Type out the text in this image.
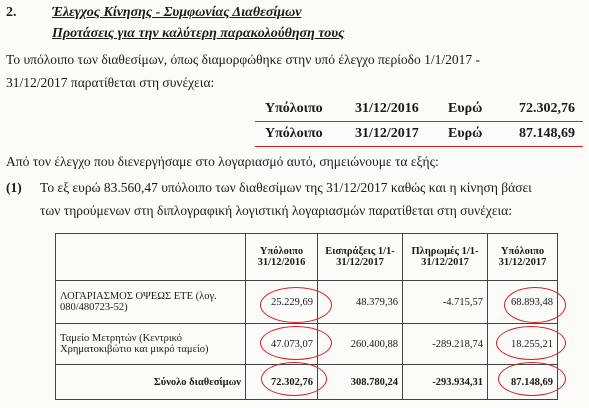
2.	Έλεγχος Κίνησης - Συμφωνίας Διαθεσίμων
Προτάσεις για την καλύτερη παρακολούθηση τους
Το υπόλοιπο των διαθεσίμων, όπως διαμορφώθηκε στην υπό έλεγχο περίοδο 1/1/2017 -
31/12/2017 παρατίθεται στη συνέχεια:
Υπόλοιπο 31/12/2016 Ευρώ	72.302,76
Υπόλοιπο 31/12/2017 Ευρώ	87.148,69
Από τον έλεγχο που διενεργήσαμε στο λογαριασμό αυτό, σημειώνουμε τα εξής:
(1) Το εξ ευρώ 83.560,47 υπόλοιπο των διαθεσίμων της 31/12/2017 καθώς και η κίνηση βάσει
των τηρούμενων στη διπλογραφική λογιστική λογαριασμών παρατίθεται στη συνέχεια:
	Υπόλοιπο 31/12/2016	Εισπράξεις 1/1-31/12/2017	Πληρωμές 1/1-31/12/2017	Υπόλοιπο 31/12/2017
ΛΟΓΑΡΙΑΣΜΟΣ ΟΨΕΩΣ ΕΤΕ (λογ. 080/480723-52)	25.229,69	48.379,36	-4.715,57	68.893,48
Ταμείο Μετρητών (Κεντρικό Χρηματοκιβώτιο και μικρό ταμείο)	47.073,07	260.400,88	-289.218,74	18.255,21
Σύνολο διαθεσίμων	72.302,76	308.780,24	-293.934,31	87.148,69
